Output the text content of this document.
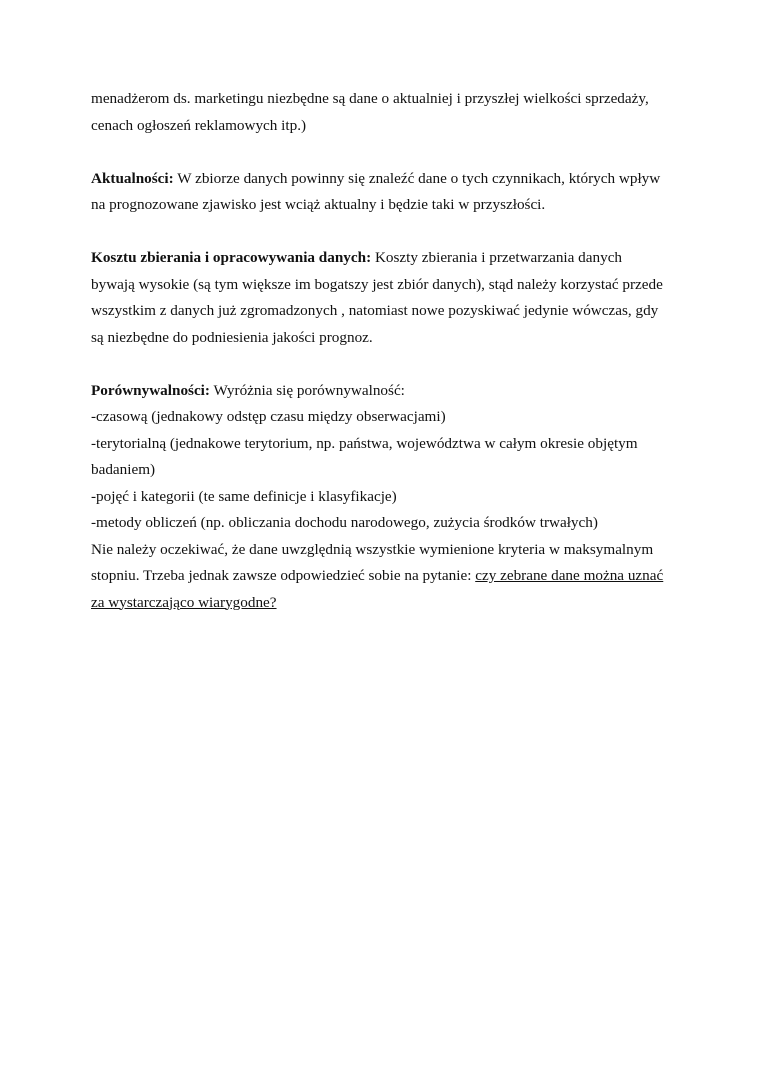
menadżerom ds. marketingu niezbędne są dane o aktualniej i przyszłej wielkości sprzedaży,
cenach ogłoszeń reklamowych itp.)
Aktualności: W zbiorze danych powinny się znaleźć dane o tych czynnikach, których wpływ
na prognozowane zjawisko jest wciąż aktualny i będzie taki w przyszłości.
Kosztu zbierania i opracowywania danych: Koszty zbierania i przetwarzania danych
bywają wysokie (są tym większe im bogatszy jest zbiór danych), stąd należy korzystać przede
wszystkim z danych już zgromadzonych , natomiast nowe pozyskiwać jedynie wówczas, gdy
są niezbędne do podniesienia jakości prognoz.
Porównywalności: Wyróżnia się porównywalność:
-czasową (jednakowy odstęp czasu między obserwacjami)
-terytorialną (jednakowe terytorium, np. państwa, województwa w całym okresie objętym
badaniem)
-pojęć i kategorii (te same definicje i klasyfikacje)
-metody obliczeń (np. obliczania dochodu narodowego, zużycia środków trwałych)
Nie należy oczekiwać, że dane uwzględnią wszystkie wymienione kryteria w maksymalnym
stopniu. Trzeba jednak zawsze odpowiedzieć sobie na pytanie: czy zebrane dane można uznać
za wystarczająco wiarygodne?
